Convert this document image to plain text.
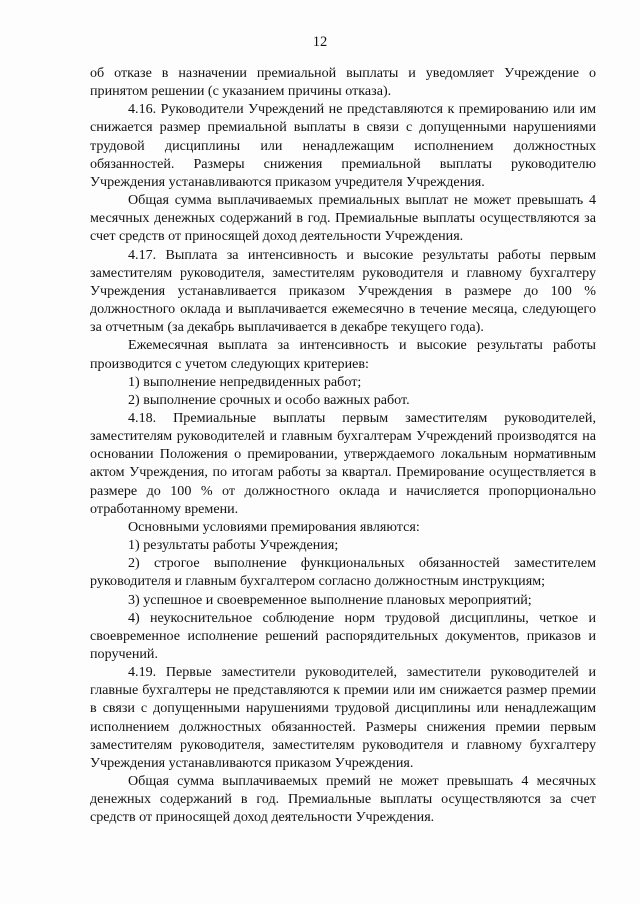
12

об отказе в назначении премиальной выплаты и уведомляет Учреждение о принятом решении (с указанием причины отказа).

4.16. Руководители Учреждений не представляются к премированию или им снижается размер премиальной выплаты в связи с допущенными нарушениями трудовой дисциплины или ненадлежащим исполнением должностных обязанностей. Размеры снижения премиальной выплаты руководителю Учреждения устанавливаются приказом учредителя Учреждения.

Общая сумма выплачиваемых премиальных выплат не может превышать 4 месячных денежных содержаний в год. Премиальные выплаты осуществляются за счет средств от приносящей доход деятельности Учреждения.

4.17. Выплата за интенсивность и высокие результаты работы первым заместителям руководителя, заместителям руководителя и главному бухгалтеру Учреждения устанавливается приказом Учреждения в размере до 100 % должностного оклада и выплачивается ежемесячно в течение месяца, следующего за отчетным (за декабрь выплачивается в декабре текущего года).

Ежемесячная выплата за интенсивность и высокие результаты работы производится с учетом следующих критериев:

1) выполнение непредвиденных работ;

2) выполнение срочных и особо важных работ.

4.18. Премиальные выплаты первым заместителям руководителей, заместителям руководителей и главным бухгалтерам Учреждений производятся на основании Положения о премировании, утверждаемого локальным нормативным актом Учреждения, по итогам работы за квартал. Премирование осуществляется в размере до 100 % от должностного оклада и начисляется пропорционально отработанному времени.

Основными условиями премирования являются:

1) результаты работы Учреждения;

2) строгое выполнение функциональных обязанностей заместителем руководителя и главным бухгалтером согласно должностным инструкциям;

3) успешное и своевременное выполнение плановых мероприятий;

4) неукоснительное соблюдение норм трудовой дисциплины, четкое и своевременное исполнение решений распорядительных документов, приказов и поручений.

4.19. Первые заместители руководителей, заместители руководителей и главные бухгалтеры не представляются к премии или им снижается размер премии в связи с допущенными нарушениями трудовой дисциплины или ненадлежащим исполнением должностных обязанностей. Размеры снижения премии первым заместителям руководителя, заместителям руководителя и главному бухгалтеру Учреждения устанавливаются приказом Учреждения.

Общая сумма выплачиваемых премий не может превышать 4 месячных денежных содержаний в год. Премиальные выплаты осуществляются за счет средств от приносящей доход деятельности Учреждения.
